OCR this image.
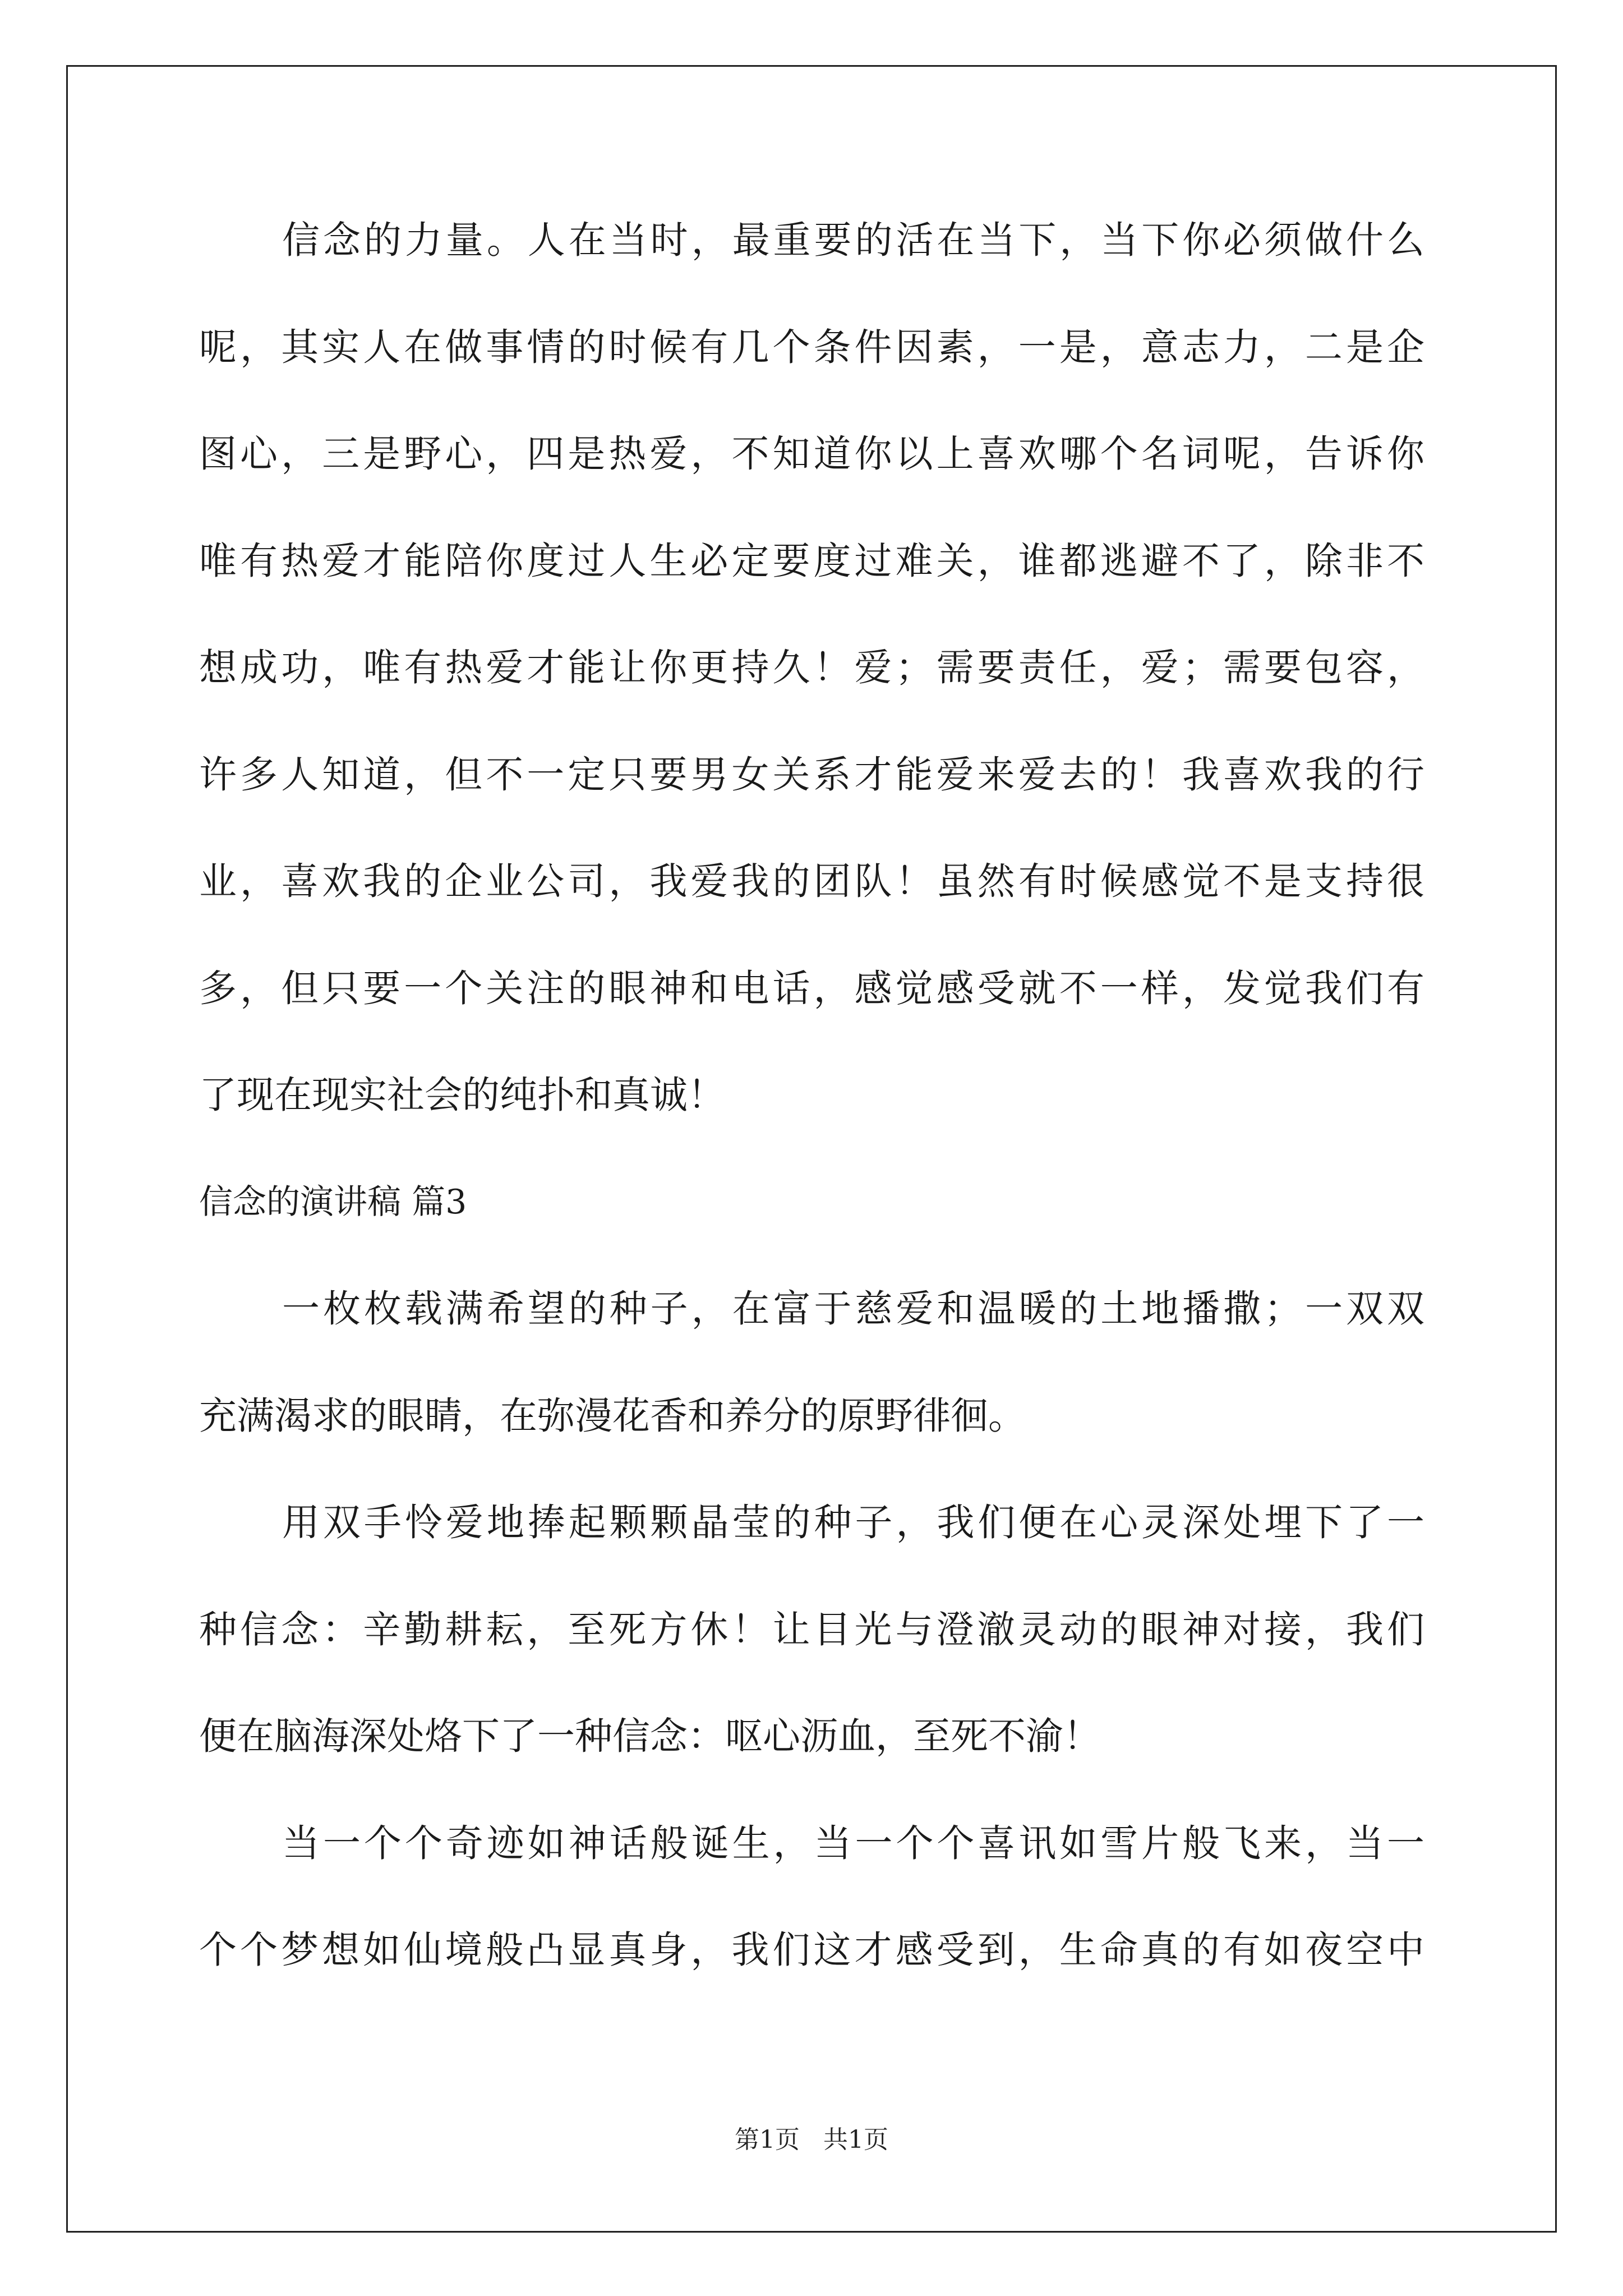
信念的力量。人在当时，最重要的活在当下，当下你必须做什么
呢，其实人在做事情的时候有几个条件因素，一是，意志力，二是企
图心，三是野心，四是热爱，不知道你以上喜欢哪个名词呢，告诉你
唯有热爱才能陪你度过人生必定要度过难关，谁都逃避不了，除非不
想成功，唯有热爱才能让你更持久！爱；需要责任，爱；需要包容，
许多人知道，但不一定只要男女关系才能爱来爱去的！我喜欢我的行
业，喜欢我的企业公司，我爱我的团队！虽然有时候感觉不是支持很
多，但只要一个关注的眼神和电话，感觉感受就不一样，发觉我们有
了现在现实社会的纯扑和真诚！
信念的演讲稿 篇3
一枚枚载满希望的种子，在富于慈爱和温暖的土地播撒；一双双
充满渴求的眼睛，在弥漫花香和养分的原野徘徊。
用双手怜爱地捧起颗颗晶莹的种子，我们便在心灵深处埋下了一
种信念：辛勤耕耘，至死方休！让目光与澄澈灵动的眼神对接，我们
便在脑海深处烙下了一种信念：呕心沥血，至死不渝！
当一个个奇迹如神话般诞生，当一个个喜讯如雪片般飞来，当一
个个梦想如仙境般凸显真身，我们这才感受到，生命真的有如夜空中
第1页 共1页
